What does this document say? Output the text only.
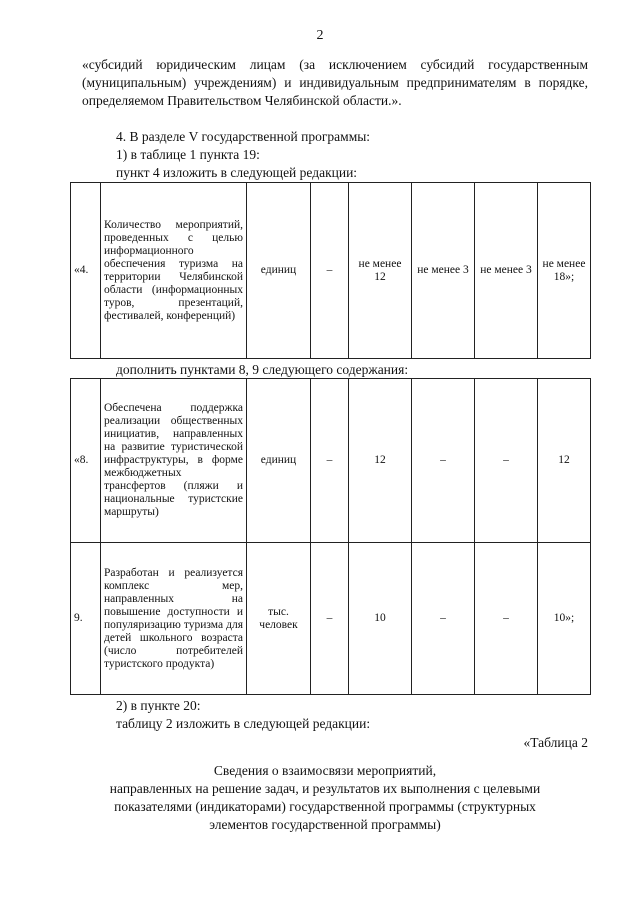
2
«субсидий юридическим лицам (за исключением субсидий государственным (муниципальным) учреждениям) и индивидуальным предпринимателям в порядке, определяемом Правительством Челябинской области.».
4. В разделе V государственной программы:
1) в таблице 1 пункта 19:
пункт 4 изложить в следующей редакции:
«4.	Количество мероприятий, проведенных с целью информационного обеспечения туризма на территории Челябинской области (информационных туров, презентаций, фестивалей, конференций)	единиц	–	не менее 12	не менее 3	не менее 3	не менее 18»;
дополнить пунктами 8, 9 следующего содержания:
«8.	Обеспечена поддержка реализации общественных инициатив, направленных на развитие туристической инфраструктуры, в форме межбюджетных трансфертов (пляжи и национальные туристские маршруты)	единиц	–	12	–	–	12
9.	Разработан и реализуется комплекс мер, направленных на повышение доступности и популяризацию туризма для детей школьного возраста (число потребителей туристского продукта)	тыс. человек	–	10	–	–	10»;
2) в пункте 20:
таблицу 2 изложить в следующей редакции:
«Таблица 2
Сведения о взаимосвязи мероприятий,
направленных на решение задач, и результатов их выполнения с целевыми
показателями (индикаторами) государственной программы (структурных
элементов государственной программы)
